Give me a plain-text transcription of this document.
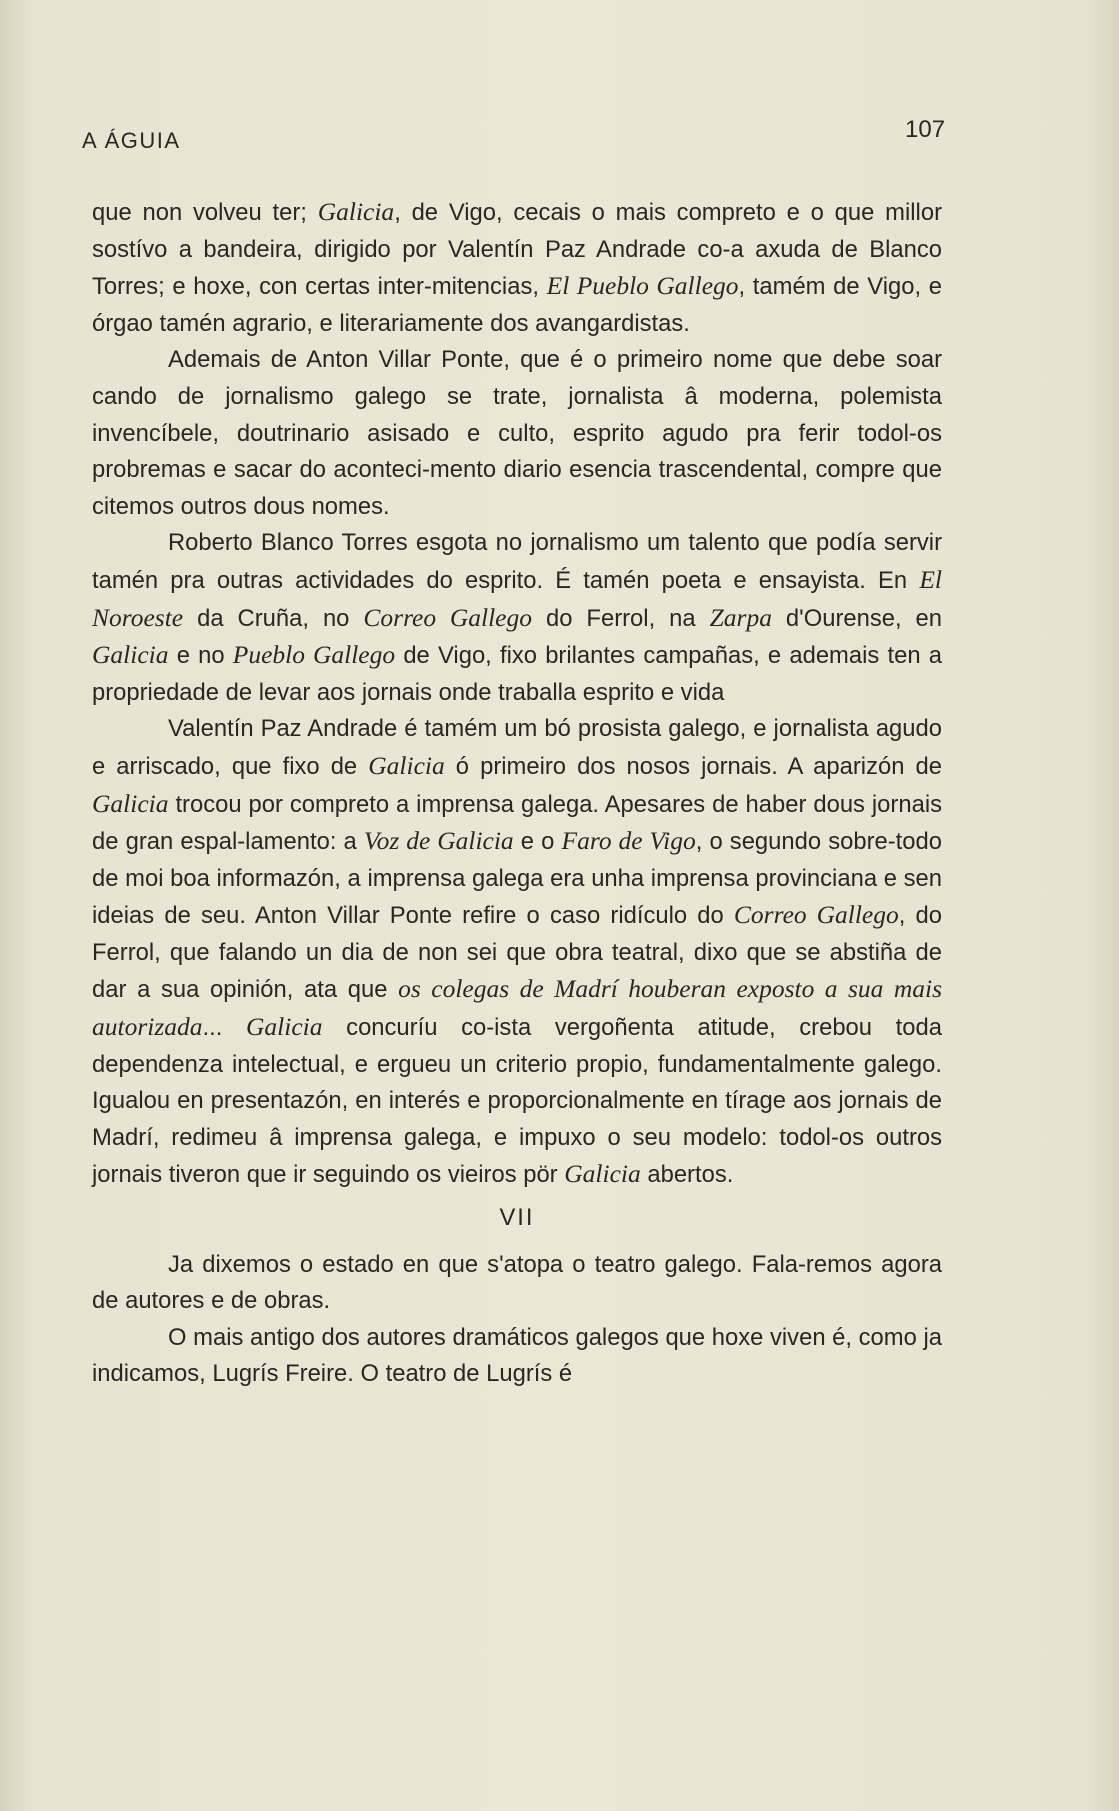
A ÁGUIA	107

que non volveu ter; Galicia, de Vigo, cecais o mais compreto e o que millor sostívo a bandeira, dirigido por Valentín Paz Andrade co-a axuda de Blanco Torres; e hoxe, con certas inter-mitencias, El Pueblo Gallego, tamém de Vigo, e órgao tamén agrario, e literariamente dos avangardistas.

Ademais de Anton Villar Ponte, que é o primeiro nome que debe soar cando de jornalismo galego se trate, jornalista â moderna, polemista invencíbele, doutrinario asisado e culto, esprito agudo pra ferir todol-os probremas e sacar do aconteci-mento diario esencia trascendental, compre que citemos outros dous nomes.

Roberto Blanco Torres esgota no jornalismo um talento que podía servir tamén pra outras actividades do esprito. É tamén poeta e ensayista. En El Noroeste da Cruña, no Correo Gallego do Ferrol, na Zarpa d'Ourense, en Galicia e no Pueblo Gallego de Vigo, fixo brilantes campañas, e ademais ten a propriedade de levar aos jornais onde traballa esprito e vida

Valentín Paz Andrade é tamém um bó prosista galego, e jornalista agudo e arriscado, que fixo de Galicia ó primeiro dos nosos jornais. A aparizón de Galicia trocou por compreto a imprensa galega. Apesares de haber dous jornais de gran espal-lamento: a Voz de Galicia e o Faro de Vigo, o segundo sobre-todo de moi boa informazón, a imprensa galega era unha imprensa provinciana e sen ideias de seu. Anton Villar Ponte refire o caso ridículo do Correo Gallego, do Ferrol, que falando un dia de non sei que obra teatral, dixo que se abstiña de dar a sua opinión, ata que os colegas de Madrí houberan exposto a sua mais autorizada... Galicia concuríu co-ista vergoñenta atitude, crebou toda dependenza intelectual, e ergueu un criterio propio, fundamentalmente galego. Igualou en presentazón, en interés e proporcionalmente en tírage aos jornais de Madrí, redimeu â imprensa galega, e impuxo o seu modelo: todol-os outros jornais tiveron que ir seguindo os vieiros pör Galicia abertos.

VII

Ja dixemos o estado en que s'atopa o teatro galego. Fala-remos agora de autores e de obras.

O mais antigo dos autores dramáticos galegos que hoxe viven é, como ja indicamos, Lugrís Freire. O teatro de Lugrís é
